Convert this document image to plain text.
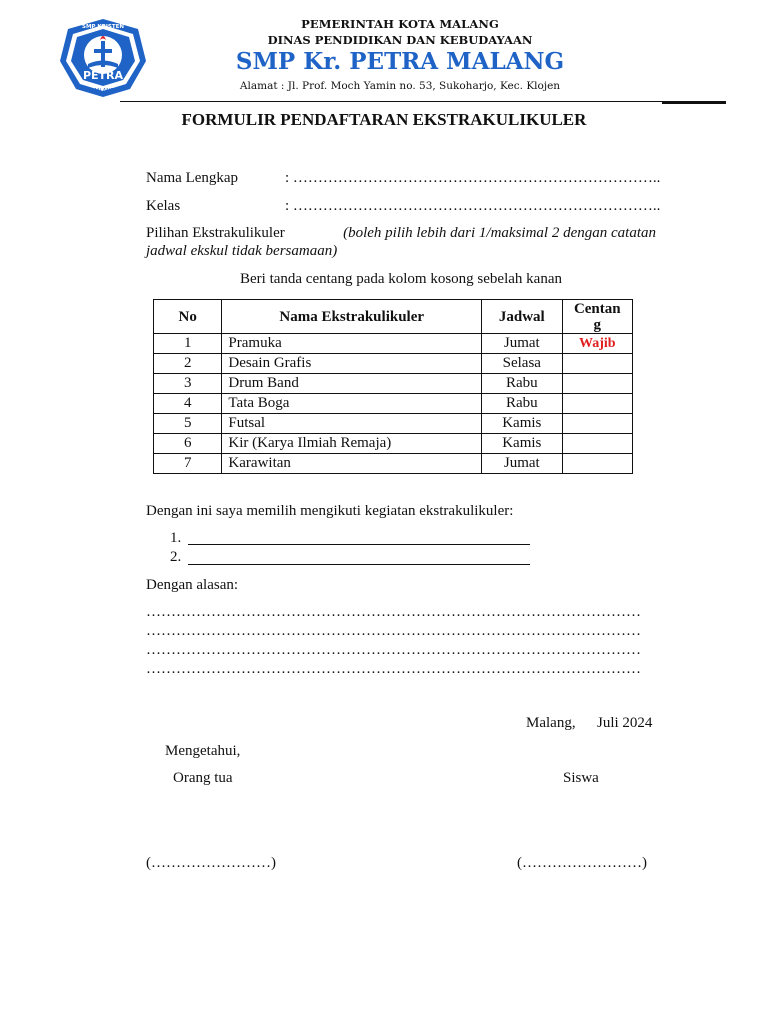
PETRA
MALANG
SMP KRISTEN	PEMERINTAH KOTA MALANG
DINAS PENDIDIKAN DAN KEBUDAYAAN
SMP Kr. PETRA MALANG
Alamat : Jl. Prof. Moch Yamin no. 53, Sukoharjo, Kec. Klojen
FORMULIR PENDAFTARAN EKSTRAKULIKULER
Nama Lengkap	: ………………………………………………………………..
Kelas	: ………………………………………………………………..
Pilihan Ekstrakulikuler	(boleh pilih lebih dari 1/maksimal 2 dengan catatan
jadwal ekskul tidak bersamaan)
Beri tanda centang pada kolom kosong sebelah kanan
No	Nama Ekstrakulikuler	Jadwal	Centan g
1	Pramuka	Jumat	Wajib
2	Desain Grafis	Selasa	
3	Drum Band	Rabu	
4	Tata Boga	Rabu	
5	Futsal	Kamis	
6	Kir (Karya Ilmiah Remaja)	Kamis	
7	Karawitan	Jumat	
Dengan ini saya memilih mengikuti kegiatan ekstrakulikuler:
1.
2.
Dengan alasan:
………………………………………………………………………………………
………………………………………………………………………………………
………………………………………………………………………………………
………………………………………………………………………………………
Malang, Juli 2024
Mengetahui,
Orang tua	Siswa
(……………………)	(……………………)
